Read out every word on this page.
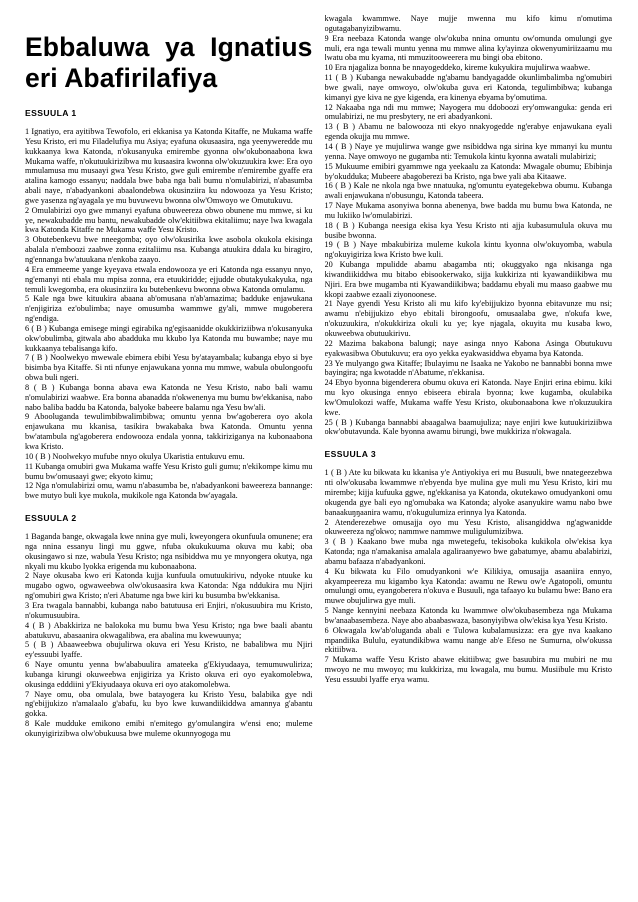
Ebbaluwa ya Ignatius
eri Abafirilafiya
ESSUULA 1

1 Ignatiyo, era ayitibwa Tewofolo, eri ekkanisa ya Katonda Kitaffe, ne Mukama waffe Yesu Kristo, eri mu Filadelufiya mu Asiya; eyafuna okusaasira, nga yeenyweredde mu kukkaanya kwa Katonda, n'okusanyuka emirembe gyonna olw'okubonaabona kwa Mukama waffe, n'okutuukirizibwa mu kusaasira kwonna olw'okuzuukira kwe: Era oyo mmulamusa mu musaayi gwa Yesu Kristo, gwe guli emirembe n'emirembe gyaffe era atalina kamogo essanyu; naddala bwe baba nga bali bumu n'omulabirizi, n'abasumba abali naye, n'abadyankoni abaalondebwa okusinziira ku ndowooza ya Yesu Kristo; gwe yasenza ng'ayagala ye mu buvuwevu bwonna olw'Omwoyo we Omutukuvu.

2 Omulabirizi oyo gwe mmanyi eyafuna obuweereza obwo obunene mu mmwe, si ku ye, newakubadde mu bantu, newakubadde olw'ekitiibwa ekitaliimu; naye lwa kwagala kwa Katonda Kitaffe ne Mukama waffe Yesu Kristo.

3 Obutebenkevu bwe nneegomba; oyo olw'okusirika kwe asobola okukola ekisinga abalala n'emboozi zaabwe zonna ezitaliimu nsa. Kubanga atuukira ddala ku biragiro, ng'ennanga bw'atuukana n'enkoba zaayo.

4 Era emmeeme yange kyeyava etwala endowooza ye eri Katonda nga essanyu nnyo, ng'emanyi nti ebala mu mpisa zonna, era etuukiridde; ejjudde obutakyukakyuka, nga temuli kwegomba, era okusinziira ku butebenkevu bwonna obwa Katonda omulamu.

5 Kale nga bwe kituukira abaana ab'omusana n'ab'amazima; badduke enjawukana n'enjigiriza ez'obulimba; naye omusumba wammwe gy'ali, mmwe mugoberera ng'endiga.

6 ( B ) Kubanga emisege mingi egirabika ng'egisaanidde okukkiriziibwa n'okusanyuka okw'obulimba, gitwala abo abadduka mu kkubo lya Katonda mu buwambe; naye mu kukkaanya tebalisanga kifo.

7 ( B ) Noolwekyo mwewale ebimera ebibi Yesu by'atayambala; kubanga ebyo si bye bisimba bya Kitaffe. Si nti nfunye enjawukana yonna mu mmwe, wabula obulongoofu obwa buli ngeri.

8 ( B ) Kubanga bonna abava ewa Katonda ne Yesu Kristo, nabo bali wamu n'omulabirizi waabwe. Era bonna abanadda n'okwenenya mu bumu bw'ekkanisa, nabo nabo baliba baddu ba Katonda, balyoke babeere balamu nga Yesu bw'ali.

9 Abooluganda tewulimbibwalimbibwa; omuntu yenna bw'agoberera oyo akola enjawukana mu kkanisa, tasikira bwakabaka bwa Katonda. Omuntu yenna bw'atambula ng'agoberera endowooza endala yonna, takkiriziganya na kubonaabona kwa Kristo.

10 ( B ) Noolwekyo mufube nnyo okulya Ukaristia entukuvu emu.

11 Kubanga omubiri gwa Mukama waffe Yesu Kristo guli gumu; n'ekikompe kimu mu bumu bw'omusaayi gwe; ekyoto kimu;

12 Nga n'omulabirizi omu, wamu n'abasumba be, n'abadyankoni baweereza bannange: bwe mutyo buli kye mukola, mukikole nga Katonda bw'ayagala.

ESSUULA 2

1 Baganda bange, okwagala kwe nnina gye muli, kweyongera okunfuula omunene; era nga nnina essanyu lingi mu ggwe, nfuba okukukuuma okuva mu kabi; oba okusingawo si nze, wabula Yesu Kristo; nga nsibiddwa mu ye mnyongera okutya, nga nkyali mu kkubo lyokka erigenda mu kubonaabona.

2 Naye okusaba kwo eri Katonda kujja kunfuula omutuukirivu, ndyoke ntuuke ku mugabo ogwo, ogwaweebwa olw'okusaasira kwa Katonda: Nga nddukira mu Njiri ng'omubiri gwa Kristo; n'eri Abatume nga bwe kiri ku busumba bw'ekkanisa.

3 Era twagala bannabbi, kubanga nabo batutuusa eri Enjiri, n'okusuubira mu Kristo, n'okumusuubira.

4 ( B ) Abakkiriza ne balokoka mu bumu bwa Yesu Kristo; nga bwe baali abantu abatukuvu, abasaanira okwagalibwa, era abalina mu kwewuunya;

5 ( B ) Abaaweebwa obujulirwa okuva eri Yesu Kristo, ne babalibwa mu Njiri ey'essuubi lyaffe.

6 Naye omuntu yenna bw'ababuulira amateeka g'Ekiyudaaya, temumuwuliriza; kubanga kirungi okuweebwa enjigiriza ya Kristo okuva eri oyo eyakomolebwa, okusinga edddiini y'Ekiyudaaya okuva eri oyo atakomolebwa.

7 Naye omu, oba omulala, bwe batayogera ku Kristo Yesu, balabika gye ndi ng'ebijjukizo n'amalaalo g'abafu, ku byo kwe kuwandiikiddwa amannya g'abantu gokka.

8 Kale mudduke emikono emibi n'emitego gy'omulangira w'ensi eno; muleme okunyigirizibwa olw'obukuusa bwe muleme okunnyogoga mu

kwagala kwammwe. Naye mujje mwenna mu kifo kimu n'omutima ogutagabanyizibwamu.

9 Era neebaza Katonda wange olw'okuba nnina omuntu ow'omunda omulungi gye muli, era nga tewali muntu yenna mu mmwe alina ky'ayinza okwenyumiriizaamu mu lwatu oba mu kyama, nti mmuzitooweerera mu bingi oba ebitono.

10 Era njagaliza bonna be nnayogeddeko, kireme kukyukira mujulirwa waabwe.

11 ( B ) Kubanga newakubadde ng'abamu bandyagadde okunlimbalimba ng'omubiri bwe gwali, naye omwoyo, olw'okuba guva eri Katonda, tegulimbibwa; kubanga kimanyi gye kiva ne gye kigenda, era kinenya ebyama by'omutima.

12 Nakaaba nga ndi mu mmwe; Nayogera mu ddoboozi ery'omwanguka: genda eri omulabirizi, ne mu presbytery, ne eri abadyankoni.

13 ( B ) Abamu ne balowooza nti ekyo nnakyogedde ng'erabye enjawukana eyali egenda okujja mu mmwe.

14 ( B ) Naye ye mujulirwa wange gwe nsibiddwa nga sirina kye mmanyi ku muntu yenna. Naye omwoyo ne gugamba nti: Temukola kintu kyonna awatali mulabirizi;

15 Mukuume emibiri gyammwe nga yeekaalu za Katonda: Mwagale obumu; Ebibinja by'okudduka; Mubeere abagoberezi ba Kristo, nga bwe yali aba Kitaawe.

16 ( B ) Kale ne nkola nga bwe nnatuuka, ng'omuntu eyategekebwa obumu. Kubanga awali enjawukana n'obusungu, Katonda tabeera.

17 Naye Mukama asonyiwa bonna abenenya, bwe badda mu bumu bwa Katonda, ne mu lukiiko lw'omulabirizi.

18 ( B ) Kubanga neesiga ekisa kya Yesu Kristo nti ajja kubasumulula okuva mu busibe bwonna.

19 ( B ) Naye mbakubiriza muleme kukola kintu kyonna olw'okuyomba, wabula ng'okuyigiriza kwa Kristo bwe kuli.

20 Kubanga mpulidde abamu abagamba nti; okuggyako nga nkisanga nga kiwandiikiddwa mu bitabo ebisookerwako, sijja kukkiriza nti kyawandiikibwa mu Njiri. Era bwe mugamba nti Kyawandiikibwa; baddamu ebyali mu maaso gaabwe mu kkopi zaabwe ezaali ziyonoonese.

21 Naye gyendi Yesu Kristo ali mu kifo ky'ebijjukizo byonna ebitavunze mu nsi; awamu n'ebijjukizo ebyo ebitali birongoofu, omusaalaba gwe, n'okufa kwe, n'okuzuukira, n'okukkiriza okuli ku ye; kye njagala, okuyita mu kusaba kwo, okuweebwa obutuukirivu.

22 Mazima bakabona balungi; naye asinga nnyo Kabona Asinga Obutukuvu eyakwasibwa Obutukuvu; era oyo yekka eyakwasiddwa ebyama bya Katonda.

23 Ye mulyango gwa Kitaffe; Ibulayimu ne Isaaka ne Yakobo ne bannabbi bonna mwe bayingira; nga kwotadde n'Abatume, n'ekkanisa.

24 Ebyo byonna bigenderera obumu okuva eri Katonda. Naye Enjiri erina ebimu. kiki mu kyo okusinga ennyo ebiseera ebirala byonna; kwe kugamba, okulabika kw'Omulokozi waffe, Mukama waffe Yesu Kristo, okubonaabona kwe n'okuzuukira kwe.

25 ( B ) Kubanga bannabbi abaagalwa baamujuliza; naye enjiri kwe kutuukiriziibwa okw'obutavunda. Kale byonna awamu birungi, bwe mukkiriza n'okwagala.

ESSUULA 3

1 ( B ) Ate ku bikwata ku kkanisa y'e Antiyokiya eri mu Busuuli, bwe nnategeezebwa nti olw'okusaba kwammwe n'ebyenda bye mulina gye muli mu Yesu Kristo, kiri mu mirembe; kijja kufuuka ggwe, ng'ekkanisa ya Katonda, okutekawo omudyankoni omu okugenda gye bali eyo ng'omubaka wa Katonda; alyoke asanyukire wamu nabo bwe banaakuŋŋaanira wamu, n'okugulumiza erinnya lya Katonda.

2 Atenderezebwe omusajja oyo mu Yesu Kristo, alisangiddwa ng'agwanidde okuweereza ng'okwo; nammwe nammwe muligulumizibwa.

3 ( B ) Kaakano bwe muba nga mwetegefu, tekisoboka kukikola olw'ekisa kya Katonda; nga n'amakanisa amalala agaliraanyewo bwe gabatumye, abamu abalabirizi, abamu bafaaza n'abadyankoni.

4 Ku bikwata ku Filo omudyankoni w'e Kilikiya, omusajja asaaniira ennyo, akyampeereza mu kigambo kya Katonda: awamu ne Rewu ow'e Agatopoli, omuntu omulungi omu, eyangoberera n'okuva e Busuuli, nga tafaayo ku bulamu bwe: Bano era muwe obujulirwa gye muli.

5 Nange kennyini neebaza Katonda ku lwammwe olw'okubasembeza nga Mukama bw'anaabasembeza. Naye abo abaabaswaza, basonyiyibwa olw'ekisa kya Yesu Kristo.

6 Okwagala kw'ab'oluganda abali e Tulowa kubalamusizza: era gye nva kaakano mpandiika Bululu, eyatundikibwa wamu nange ab'e Efeso ne Sumurna, olw'okussa ekitiibwa.

7 Mukama waffe Yesu Kristo abawe ekitiibwa; gwe basuubira mu mubiri ne mu mwoyo ne mu mwoyo; mu kukkiriza, mu kwagala, mu bumu. Musiibule mu Kristo Yesu essuubi lyaffe erya wamu.
